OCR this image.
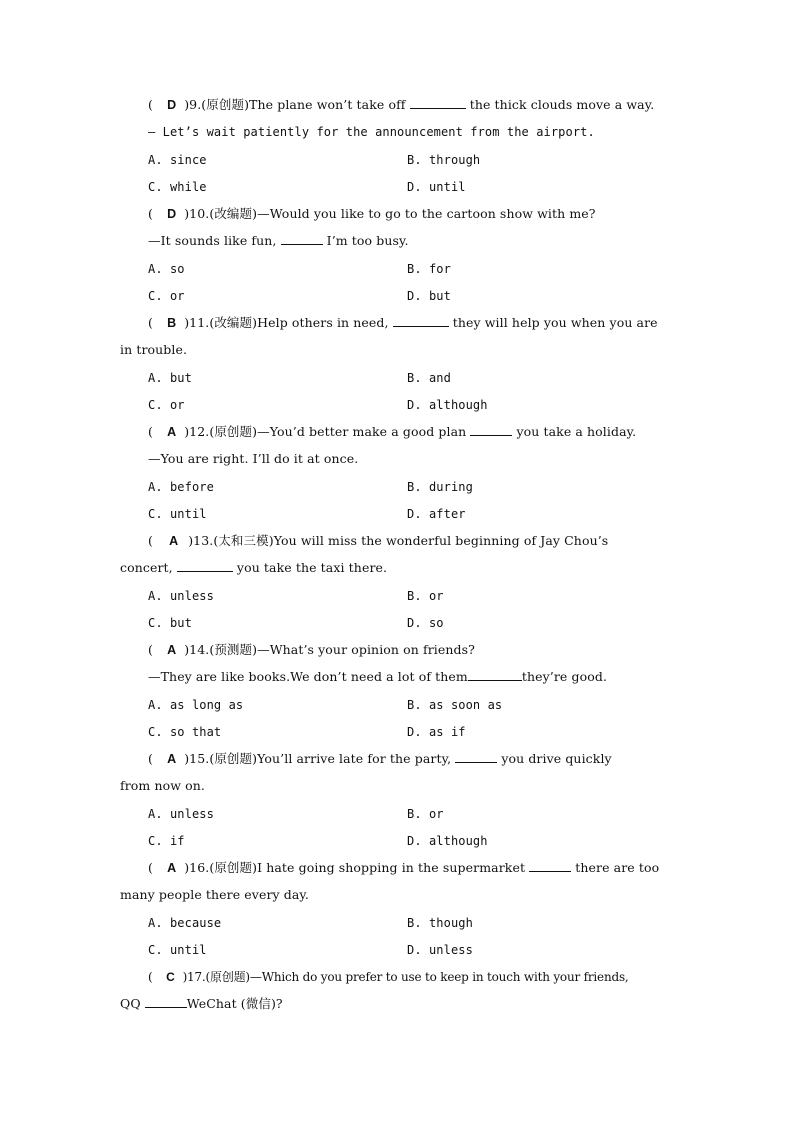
( D )9.(原创题)The plane won’t take off	the thick clouds move a way.
— Let’s wait patiently for the announcement from the airport.
A. since	B. through
C. while	D. until
( D )10.(改编题)—Would you like to go to the cartoon show with me?
—It sounds like fun,	I’m too busy.
A. so	B. for
C. or	D. but
( B )11.(改编题)Help others in need,	they will help you when you are
in trouble.
A. but	B. and
C. or	D. although
( A )12.(原创题)—You’d better make a good plan	you take a holiday.
—You are right. I’ll do it at once.
A. before	B. during
C. until	D. after
( A )13.(太和三模)You will miss the wonderful beginning of Jay Chou’s
concert,	you take the taxi there.
A. unless	B. or
C. but	D. so
( A )14.(预测题)—What’s your opinion on friends?
—They are like books.We don’t need a lot of them	they’re good.
A. as long as	B. as soon as
C. so that	D. as if
( A )15.(原创题)You’ll arrive late for the party,	you drive quickly
from now on.
A. unless	B. or
C. if	D. although
( A )16.(原创题)I hate going shopping in the supermarket	there are too
many people there every day.
A. because	B. though
C. until	D. unless
( C )17.(原创题)—Which do you prefer to use to keep in touch with your friends,
QQ	WeChat (微信)?
